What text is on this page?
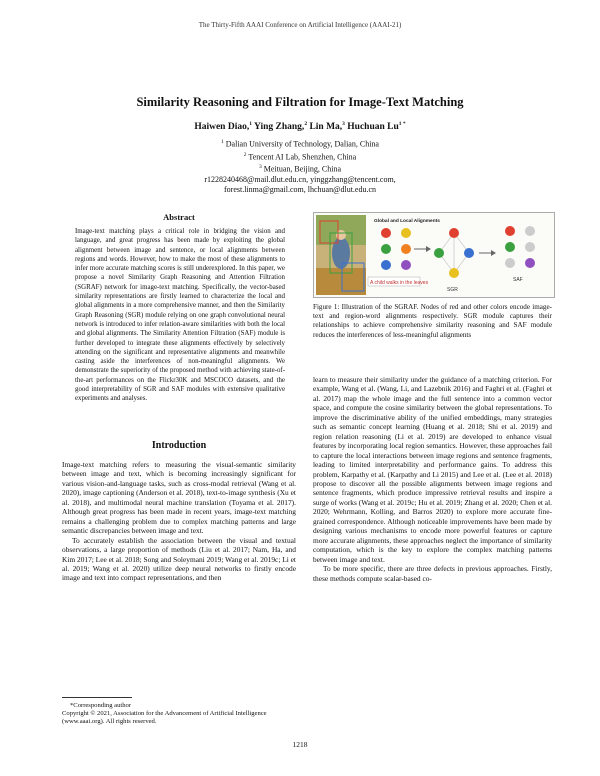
The Thirty-Fifth AAAI Conference on Artificial Intelligence (AAAI-21)
Similarity Reasoning and Filtration for Image-Text Matching
Haiwen Diao,$^1$ Ying Zhang,$^2$ Lin Ma,$^3$ Huchuan $Lu^{1 *}$
$^1$ Dalian University of Technology, Dalian, China
$^2$ Tencent AI Lab, Shenzhen, China
$^3$ Meituan, Beijing, China
r1228240468@mail.dlut.edu.cn, yinggzhang@tencent.com,
forest.linma@gmail.com, lhchuan@dlut.edu.cn
Abstract

Image-text matching plays a critical role in bridging the vision and language, and great progress has been made by exploiting the global alignment between image and sentence, or local alignments between regions and words. However, how to make the most of these alignments to infer more accurate matching scores is still underexplored. In this paper, we propose a novel Similarity Graph Reasoning and Attention Filtration (SGRAF) network for image-text matching. Specifically, the vector-based similarity representations are firstly learned to characterize the local and global alignments in a more comprehensive manner, and then the Similarity Graph Reasoning (SGR) module relying on one graph convolutional neural network is introduced to infer relation-aware similarities with both the local and global alignments. The Similarity Attention Filtration (SAF) module is further developed to integrate these alignments effectively by selectively attending on the significant and representative alignments and meanwhile casting aside the interferences of non-meaningful alignments. We demonstrate the superiority of the proposed method with achieving state-of-the-art performances on the Flickr30K and MSCOCO datasets, and the good interpretability of SGR and SAF modules with extensive qualitative experiments and analyses.

Introduction

Image-text matching refers to measuring the visual-semantic similarity between image and text, which is becoming increasingly significant for various vision-and-language tasks, such as cross-modal retrieval (Wang et al. 2020), image captioning (Anderson et al. 2018), text-to-image synthesis (Xu et al. 2018), and multimodal neural machine translation (Toyama et al. 2017). Although great progress has been made in recent years, image-text matching remains a challenging problem due to complex matching patterns and large semantic discrepancies between image and text.

To accurately establish the association between the visual and textual observations, a large proportion of methods (Liu et al. 2017; Nam, Ha, and Kim 2017; Lee et al. 2018; Song and Soleymani 2019; Wang et al. 2019c; Li et al. 2019; Wang et al. 2020) utilize deep neural networks to firstly encode image and text into compact representations, and then

*Corresponding author
Copyright © 2021, Association for the Advancement of Artificial Intelligence (www.aaai.org). All rights reserved.
A child walks in the leaves
Global and Local Alignments
SGR
SAF

Figure 1: Illustration of the SGRAF. Nodes of red and other colors encode image-text and region-word alignments respectively. SGR module captures their relationships to achieve comprehensive similarity reasoning and SAF module reduces the interferences of less-meaningful alignments

learn to measure their similarity under the guidance of a matching criterion. For example, Wang et al. (Wang, Li, and Lazebnik 2016) and Faghri et al. (Faghri et al. 2017) map the whole image and the full sentence into a common vector space, and compute the cosine similarity between the global representations. To improve the discriminative ability of the unified embeddings, many strategies such as semantic concept learning (Huang et al. 2018; Shi et al. 2019) and region relation reasoning (Li et al. 2019) are developed to enhance visual features by incorporating local region semantics. However, these approaches fail to capture the local interactions between image regions and sentence fragments, leading to limited interpretability and performance gains. To address this problem, Karpathy et al. (Karpathy and Li 2015) and Lee et al. (Lee et al. 2018) propose to discover all the possible alignments between image regions and sentence fragments, which produce impressive retrieval results and inspire a surge of works (Wang et al. 2019c; Hu et al. 2019; Zhang et al. 2020; Chen et al. 2020; Wehrmann, Kolling, and Barros 2020) to explore more accurate fine-grained correspondence. Although noticeable improvements have been made by designing various mechanisms to encode more powerful features or capture more accurate alignments, these approaches neglect the importance of similarity computation, which is the key to explore the complex matching patterns between image and text.

To be more specific, there are three defects in previous approaches. Firstly, these methods compute scalar-based co-

1218
